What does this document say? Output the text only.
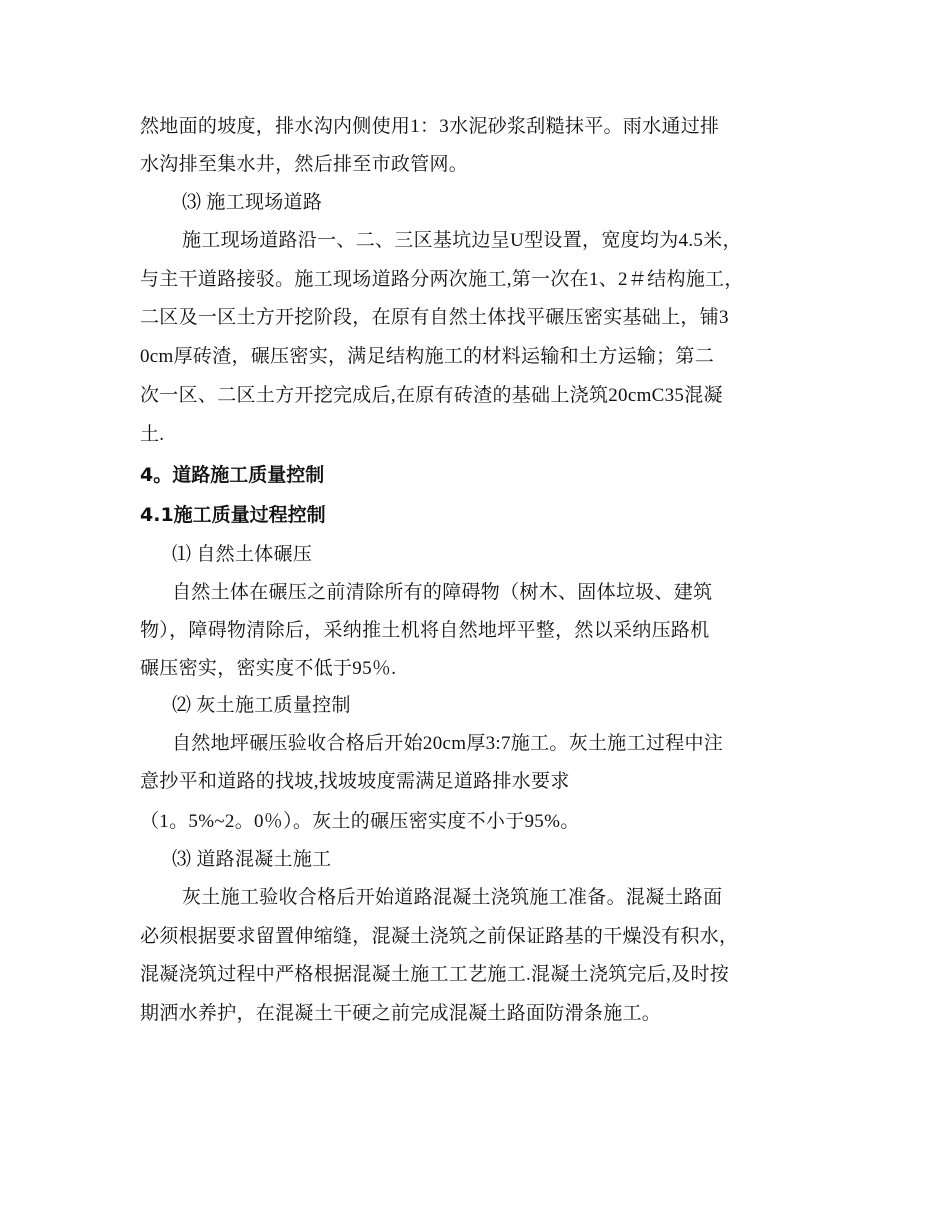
然地面的坡度，排水沟内侧使用1：3水泥砂浆刮糙抹平。雨水通过排
水沟排至集水井，然后排至市政管网。
⑶ 施工现场道路
施工现场道路沿一、二、三区基坑边呈U型设置，宽度均为4.5米，
与主干道路接驳。施工现场道路分两次施工,第一次在1、2＃结构施工，
二区及一区土方开挖阶段，在原有自然土体找平碾压密实基础上，铺3
0cm厚砖渣，碾压密实，满足结构施工的材料运输和土方运输；第二
次一区、二区土方开挖完成后,在原有砖渣的基础上浇筑20cmC35混凝
土.
4。道路施工质量控制
4.1施工质量过程控制
⑴ 自然土体碾压
自然土体在碾压之前清除所有的障碍物（树木、固体垃圾、建筑
物），障碍物清除后，采纳推土机将自然地坪平整，然以采纳压路机
碾压密实，密实度不低于95％.
⑵ 灰土施工质量控制
自然地坪碾压验收合格后开始20cm厚3:7施工。灰土施工过程中注
意抄平和道路的找坡,找坡坡度需满足道路排水要求
（1。5%~2。0％）。灰土的碾压密实度不小于95%。
⑶ 道路混凝土施工
灰土施工验收合格后开始道路混凝土浇筑施工准备。混凝土路面
必须根据要求留置伸缩缝，混凝土浇筑之前保证路基的干燥没有积水，
混凝浇筑过程中严格根据混凝土施工工艺施工.混凝土浇筑完后,及时按
期洒水养护，在混凝土干硬之前完成混凝土路面防滑条施工。
